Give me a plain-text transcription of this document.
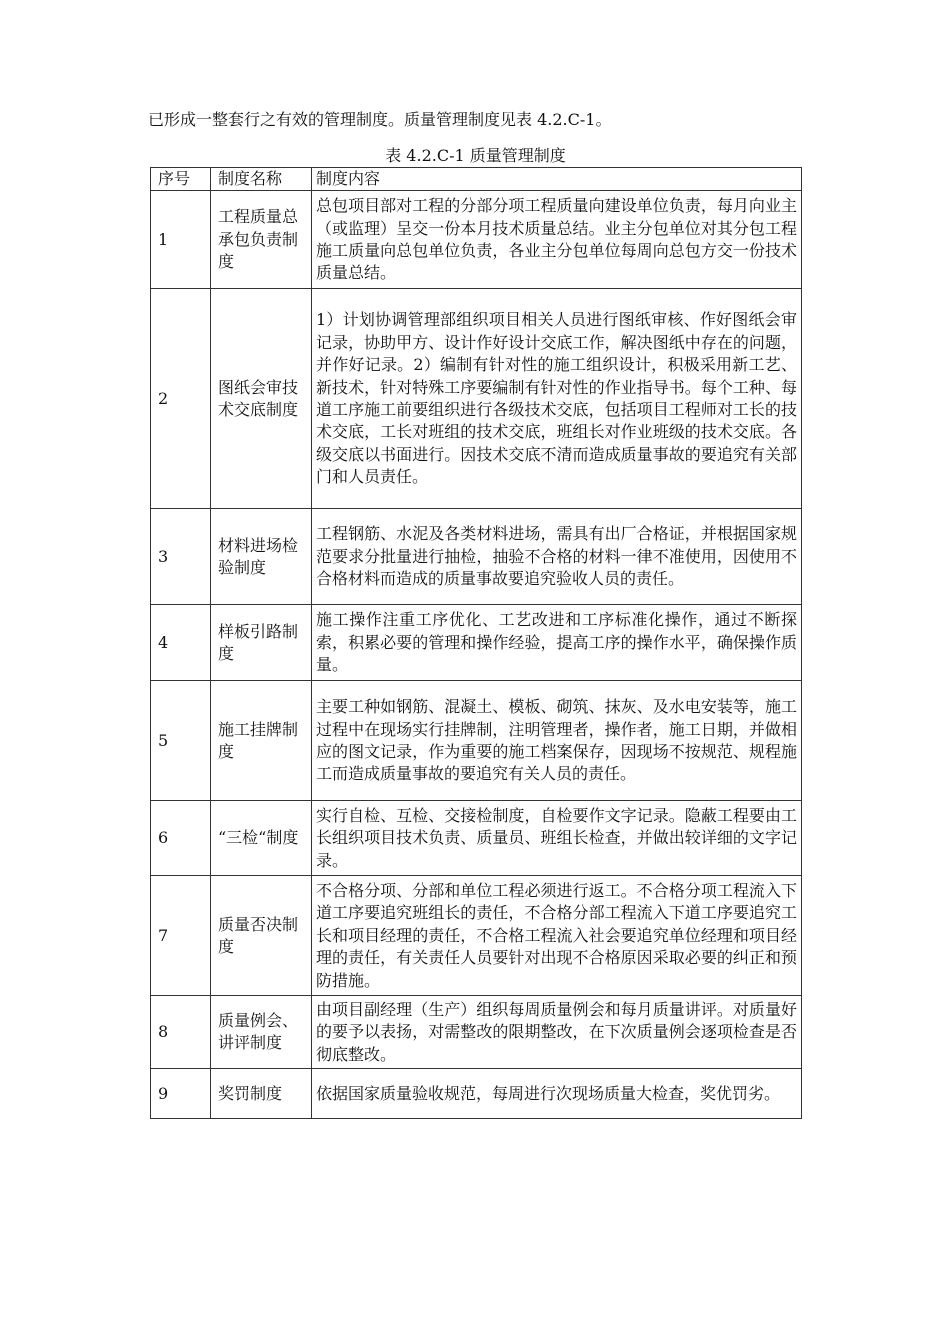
已形成一整套行之有效的管理制度。质量管理制度见表 4.2.C-1。
表 4.2.C-1 质量管理制度
序号	制度名称	制度内容
1	工程质量总承包负责制度	总包项目部对工程的分部分项工程质量向建设单位负责，每月向业主（或监理）呈交一份本月技术质量总结。业主分包单位对其分包工程施工质量向总包单位负责，各业主分包单位每周向总包方交一份技术质量总结。
2	图纸会审技术交底制度	1）计划协调管理部组织项目相关人员进行图纸审核、作好图纸会审记录，协助甲方、设计作好设计交底工作，解决图纸中存在的问题，并作好记录。2）编制有针对性的施工组织设计，积极采用新工艺、新技术，针对特殊工序要编制有针对性的作业指导书。每个工种、每道工序施工前要组织进行各级技术交底，包括项目工程师对工长的技术交底，工长对班组的技术交底，班组长对作业班级的技术交底。各级交底以书面进行。因技术交底不清而造成质量事故的要追究有关部门和人员责任。
3	材料进场检验制度	工程钢筋、水泥及各类材料进场，需具有出厂合格证，并根据国家规范要求分批量进行抽检，抽验不合格的材料一律不准使用，因使用不合格材料而造成的质量事故要追究验收人员的责任。
4	样板引路制度	施工操作注重工序优化、工艺改进和工序标准化操作，通过不断探索，积累必要的管理和操作经验，提高工序的操作水平，确保操作质量。
5	施工挂牌制度	主要工种如钢筋、混凝土、模板、砌筑、抹灰、及水电安装等，施工过程中在现场实行挂牌制，注明管理者，操作者，施工日期，并做相应的图文记录，作为重要的施工档案保存，因现场不按规范、规程施工而造成质量事故的要追究有关人员的责任。
6	“三检“制度	实行自检、互检、交接检制度，自检要作文字记录。隐蔽工程要由工长组织项目技术负责、质量员、班组长检查，并做出较详细的文字记录。
7	质量否决制度	不合格分项、分部和单位工程必须进行返工。不合格分项工程流入下道工序要追究班组长的责任，不合格分部工程流入下道工序要追究工长和项目经理的责任，不合格工程流入社会要追究单位经理和项目经理的责任，有关责任人员要针对出现不合格原因采取必要的纠正和预防措施。
8	质量例会、讲评制度	由项目副经理（生产）组织每周质量例会和每月质量讲评。对质量好的要予以表扬，对需整改的限期整改，在下次质量例会逐项检查是否彻底整改。
9	奖罚制度	依据国家质量验收规范，每周进行次现场质量大检查，奖优罚劣。
